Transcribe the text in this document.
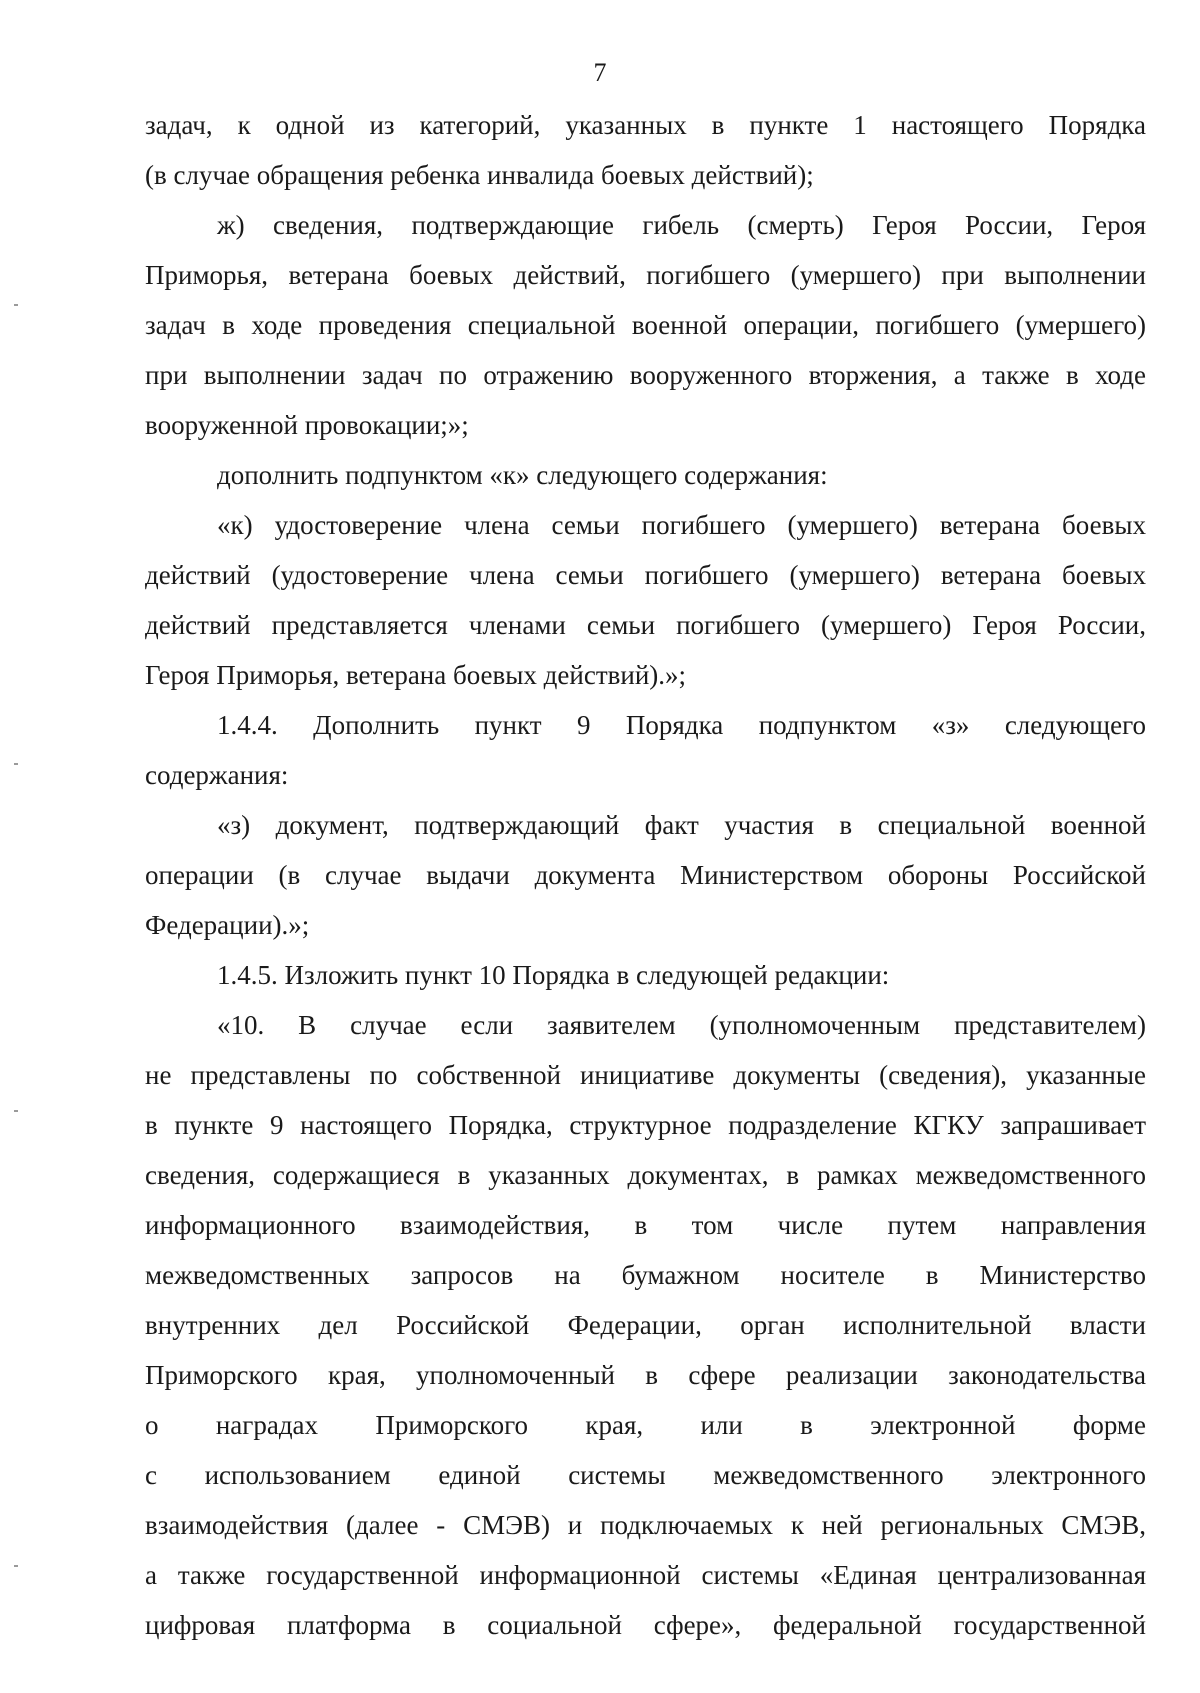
7
задач, к одной из категорий, указанных в пункте 1 настоящего Порядка
(в случае обращения ребенка инвалида боевых действий);
ж) сведения, подтверждающие гибель (смерть) Героя России, Героя
Приморья, ветерана боевых действий, погибшего (умершего) при выполнении
задач в ходе проведения специальной военной операции, погибшего (умершего)
при выполнении задач по отражению вооруженного вторжения, а также в ходе
вооруженной провокации;»;
дополнить подпунктом «к» следующего содержания:
«к) удостоверение члена семьи погибшего (умершего) ветерана боевых
действий (удостоверение члена семьи погибшего (умершего) ветерана боевых
действий представляется членами семьи погибшего (умершего) Героя России,
Героя Приморья, ветерана боевых действий).»;
1.4.4. Дополнить пункт 9 Порядка подпунктом «з» следующего
содержания:
«з) документ, подтверждающий факт участия в специальной военной
операции (в случае выдачи документа Министерством обороны Российской
Федерации).»;
1.4.5. Изложить пункт 10 Порядка в следующей редакции:
«10. В случае если заявителем (уполномоченным представителем)
не представлены по собственной инициативе документы (сведения), указанные
в пункте 9 настоящего Порядка, структурное подразделение КГКУ запрашивает
сведения, содержащиеся в указанных документах, в рамках межведомственного
информационного взаимодействия, в том числе путем направления
межведомственных запросов на бумажном носителе в Министерство
внутренних дел Российской Федерации, орган исполнительной власти
Приморского края, уполномоченный в сфере реализации законодательства
о наградах Приморского края, или в электронной форме
с использованием единой системы межведомственного электронного
взаимодействия (далее - СМЭВ) и подключаемых к ней региональных СМЭВ,
а также государственной информационной системы «Единая централизованная
цифровая платформа в социальной сфере», федеральной государственной
